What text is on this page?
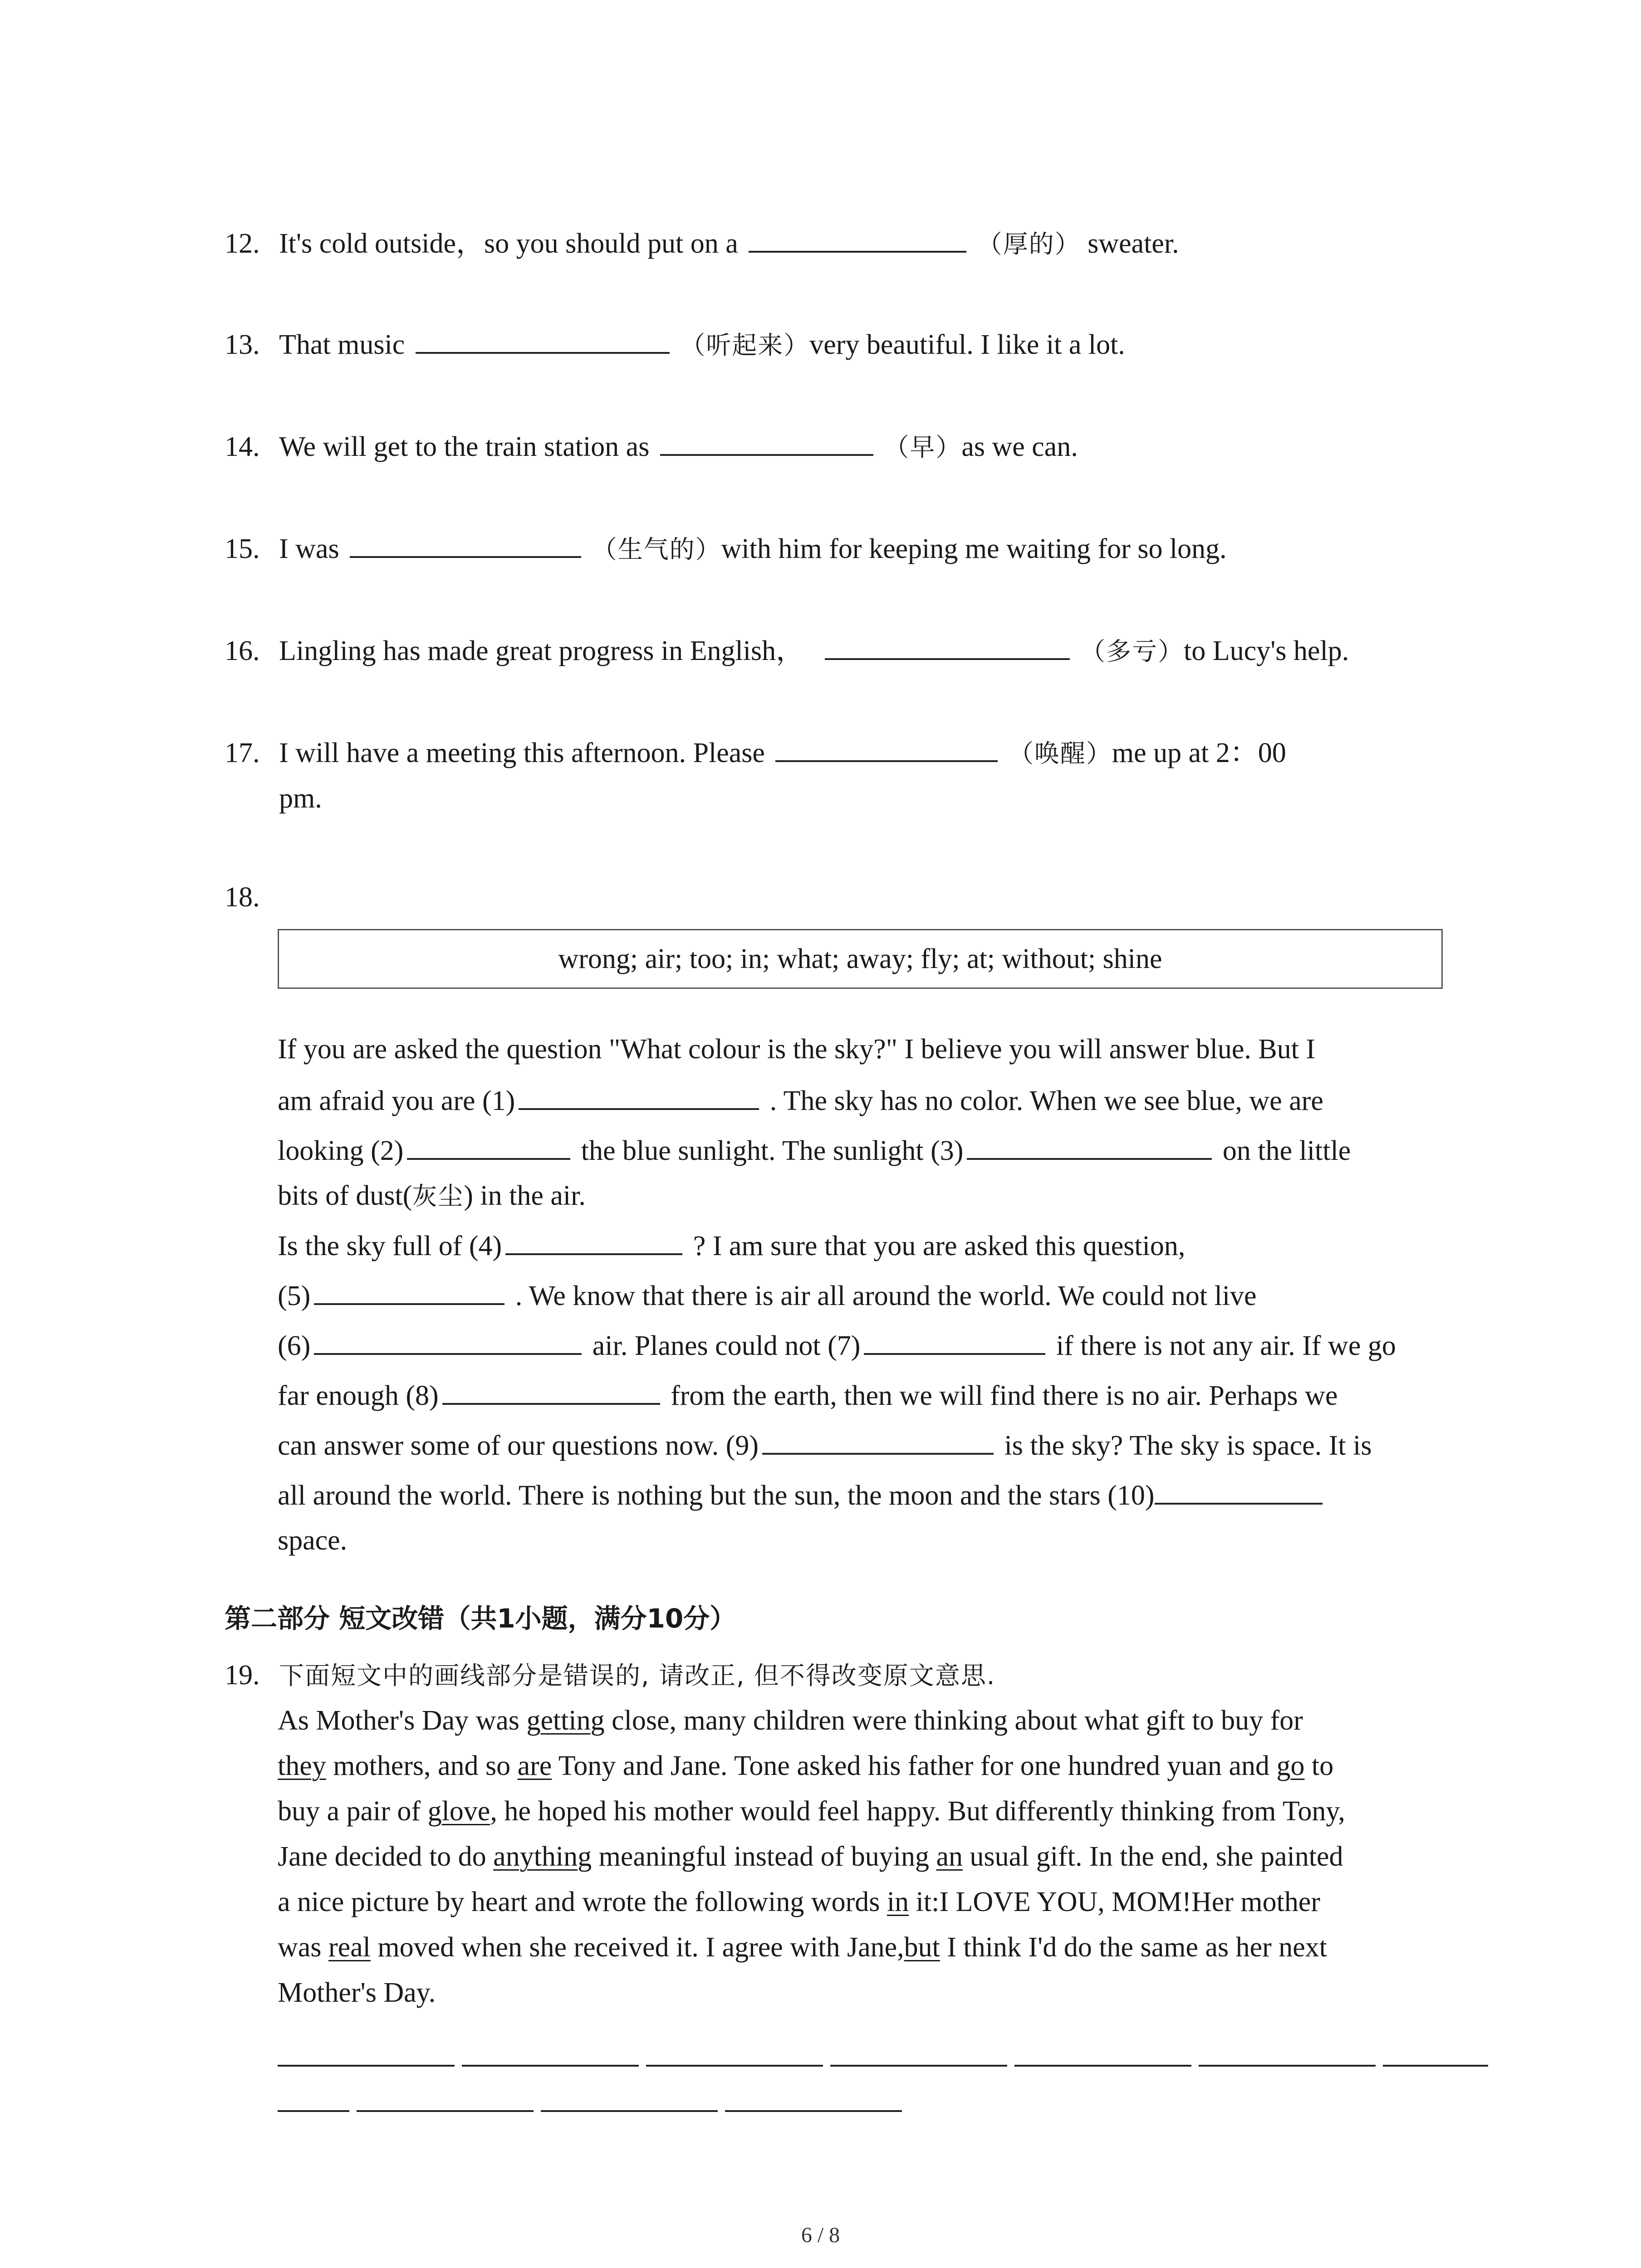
12. It's cold outside，so you should put on a	（厚的） sweater.
13. That music	（听起来）very beautiful. I like it a lot.
14. We will get to the train station as	（早）as we can.
15. I was	（生气的）with him for keeping me waiting for so long.
16. Lingling has made great progress in English，	（多亏）to Lucy's help.
17. I will have a meeting this afternoon. Please	（唤醒）me up at 2：00
pm.
18.
wrong; air; too; in; what; away; fly; at; without; shine
If you are asked the question "What colour is the sky?" I believe you will answer blue. But I
am afraid you are (1)	. The sky has no color. When we see blue, we are
looking (2)	the blue sunlight. The sunlight (3)	on the little
bits of dust(灰尘) in the air.
Is the sky full of (4)	? I am sure that you are asked this question,
(5)	. We know that there is air all around the world. We could not live
(6)	air. Planes could not (7)	if there is not any air. If we go
far enough (8)	from the earth, then we will find there is no air. Perhaps we
can answer some of our questions now. (9)	is the sky? The sky is space. It is
all around the world. There is nothing but the sun, the moon and the stars (10)
space.
第二部分 短文改错（共1小题，满分10分）
19. 下面短文中的画线部分是错误的, 请改正, 但不得改变原文意思.
As Mother's Day was getting close, many children were thinking about what gift to buy for
they mothers, and so are Tony and Jane. Tone asked his father for one hundred yuan and go to
buy a pair of glove, he hoped his mother would feel happy. But differently thinking from Tony,
Jane decided to do anything meaningful instead of buying an usual gift. In the end, she painted
a nice picture by heart and wrote the following words in it:I LOVE YOU, MOM!Her mother
was real moved when she received it. I agree with Jane,but I think I'd do the same as her next
Mother's Day.
6 / 8
